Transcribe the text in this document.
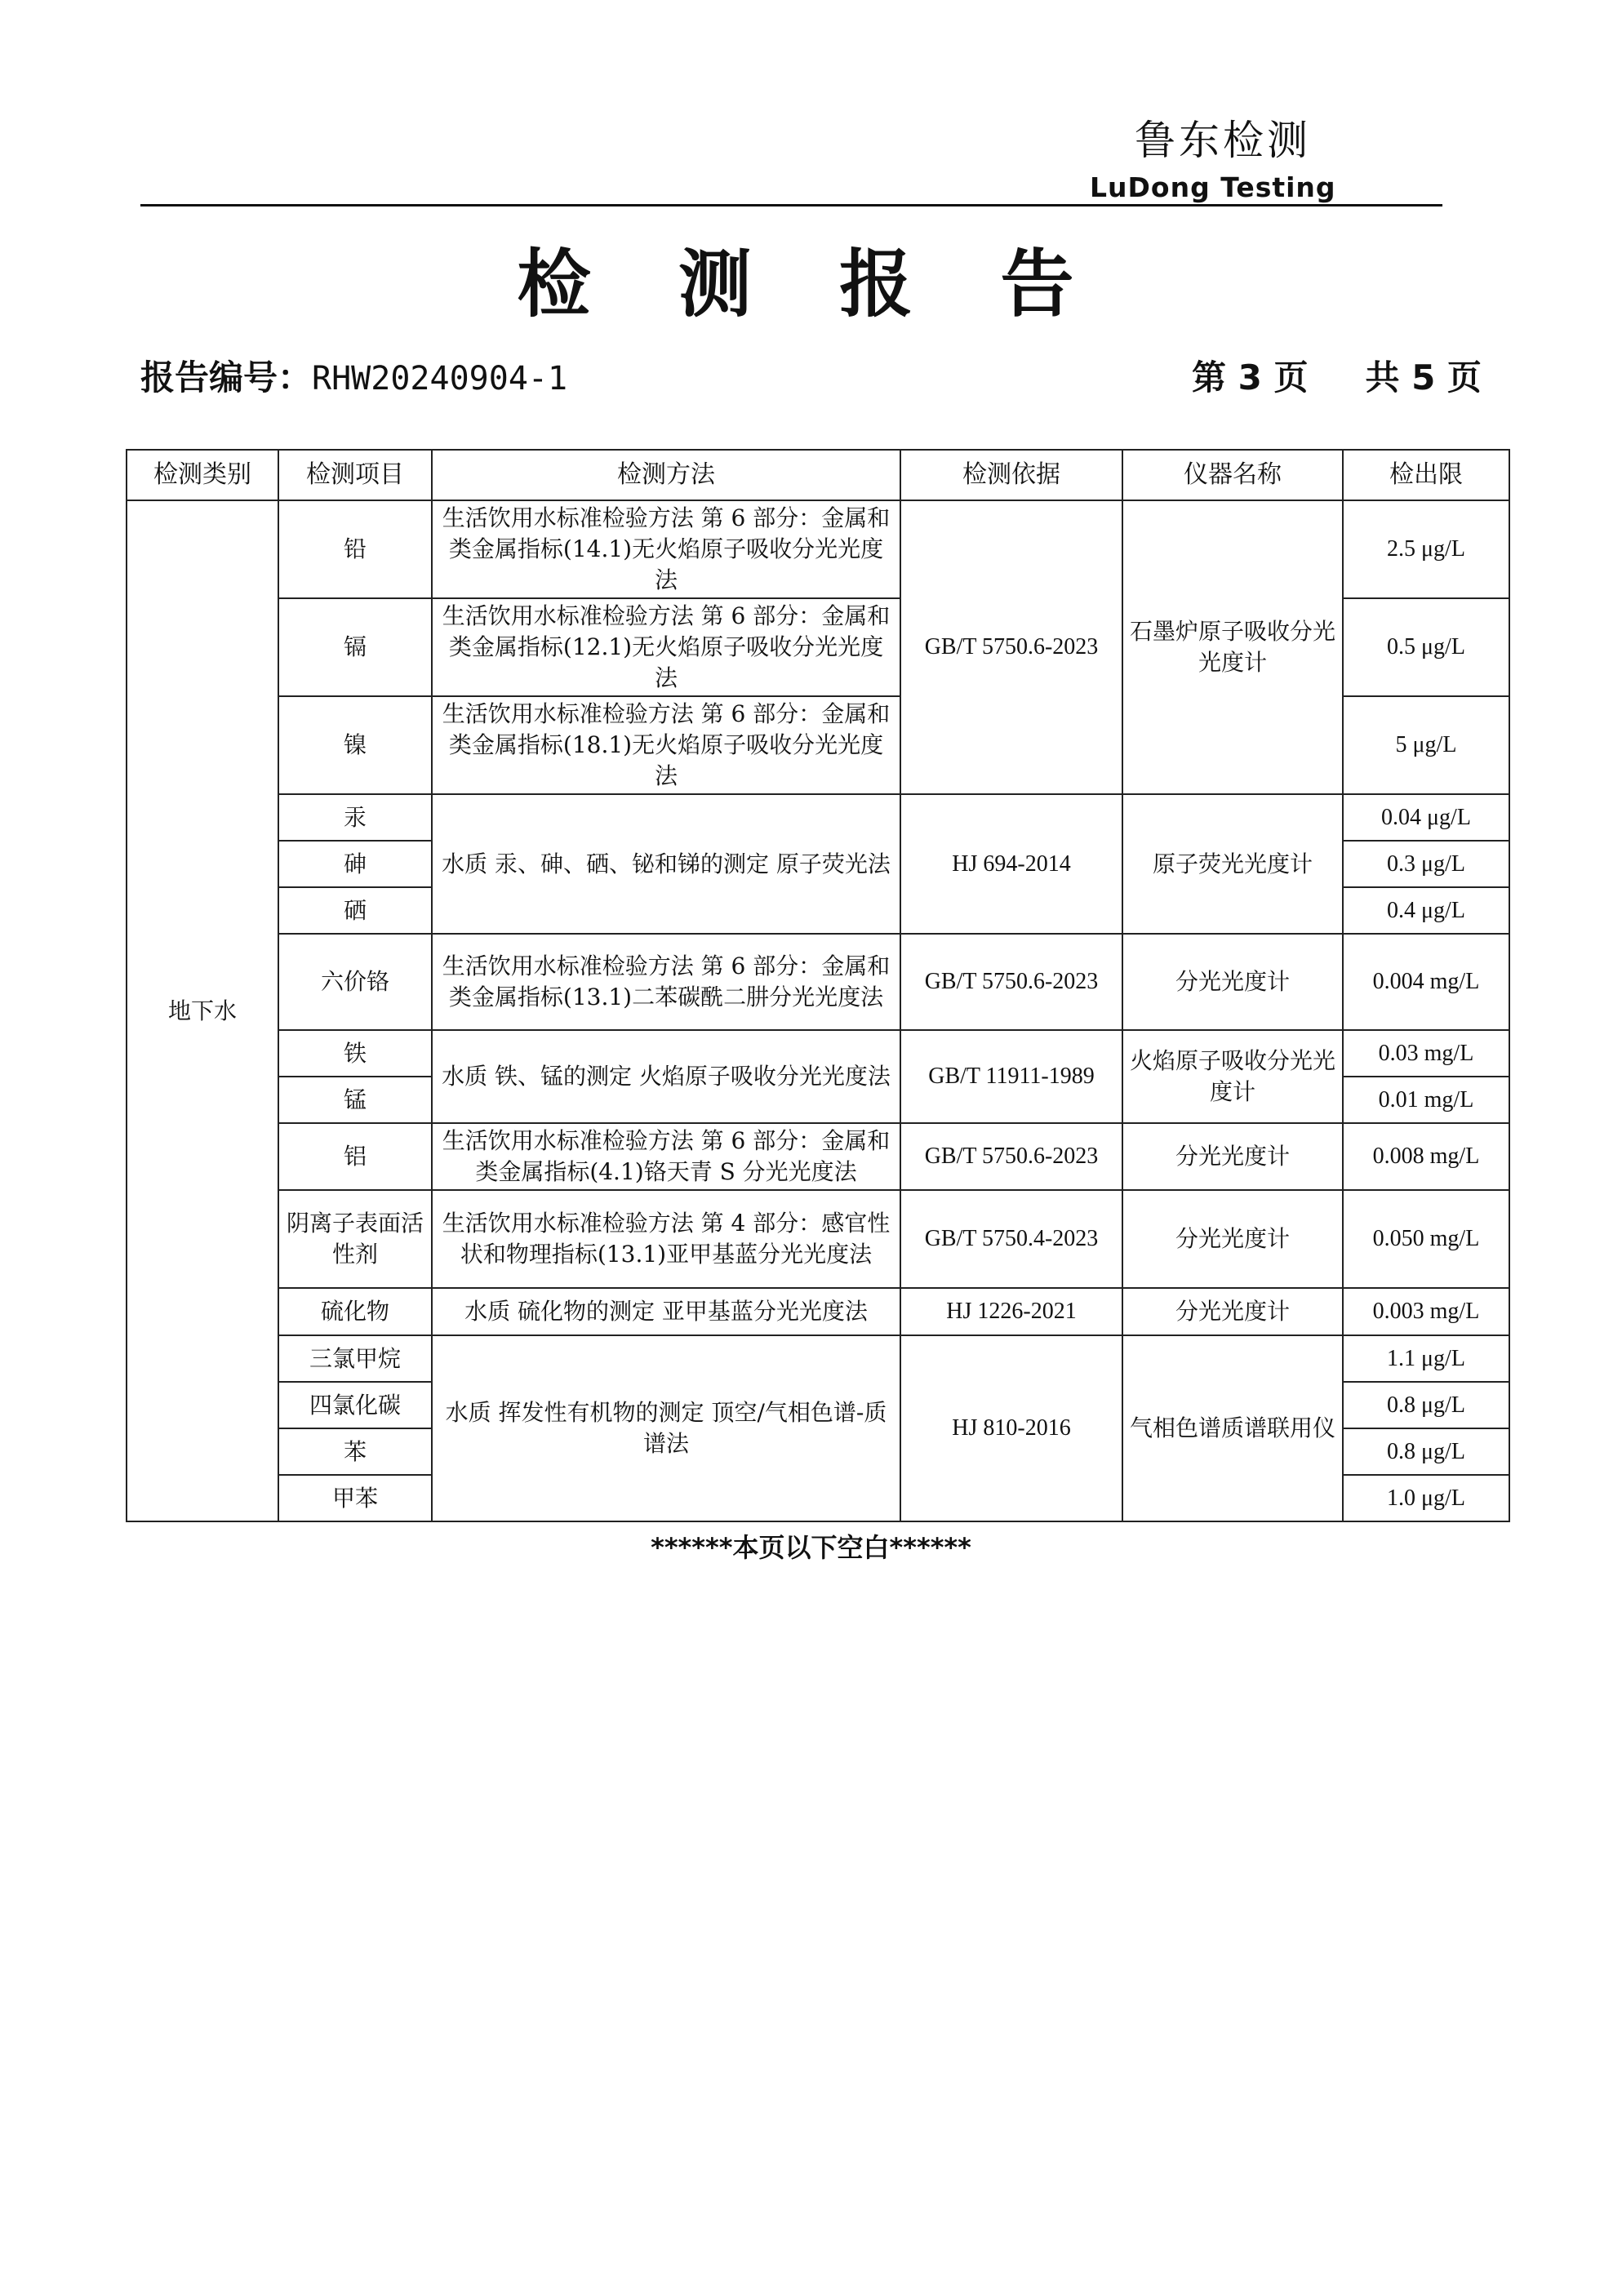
鲁东检测
LuDong Testing
检 测 报 告
报告编号：RHW20240904-1	第 3 页 共 5 页
检测类别	检测项目	检测方法	检测依据	仪器名称	检出限
地下水	铅	生活饮用水标准检验方法 第 6 部分：金属和类金属指标(14.1)无火焰原子吸收分光光度法	GB/T 5750.6-2023	石墨炉原子吸收分光光度计	2.5 μg/L
	镉	生活饮用水标准检验方法 第 6 部分：金属和类金属指标(12.1)无火焰原子吸收分光光度法			0.5 μg/L
	镍	生活饮用水标准检验方法 第 6 部分：金属和类金属指标(18.1)无火焰原子吸收分光光度法			5 μg/L
	汞	水质 汞、砷、硒、铋和锑的测定 原子荧光法	HJ 694-2014	原子荧光光度计	0.04 μg/L
	砷				0.3 μg/L
	硒				0.4 μg/L
	六价铬	生活饮用水标准检验方法 第 6 部分：金属和类金属指标(13.1)二苯碳酰二肼分光光度法	GB/T 5750.6-2023	分光光度计	0.004 mg/L
	铁	水质 铁、锰的测定 火焰原子吸收分光光度法	GB/T 11911-1989	火焰原子吸收分光光度计	0.03 mg/L
	锰				0.01 mg/L
	铝	生活饮用水标准检验方法 第 6 部分：金属和类金属指标(4.1)铬天青 S 分光光度法	GB/T 5750.6-2023	分光光度计	0.008 mg/L
	阴离子表面活性剂	生活饮用水标准检验方法 第 4 部分：感官性状和物理指标(13.1)亚甲基蓝分光光度法	GB/T 5750.4-2023	分光光度计	0.050 mg/L
	硫化物	水质 硫化物的测定 亚甲基蓝分光光度法	HJ 1226-2021	分光光度计	0.003 mg/L
	三氯甲烷	水质 挥发性有机物的测定 顶空/气相色谱-质谱法	HJ 810-2016	气相色谱质谱联用仪	1.1 μg/L
	四氯化碳				0.8 μg/L
	苯				0.8 μg/L
	甲苯				1.0 μg/L
******本页以下空白******
